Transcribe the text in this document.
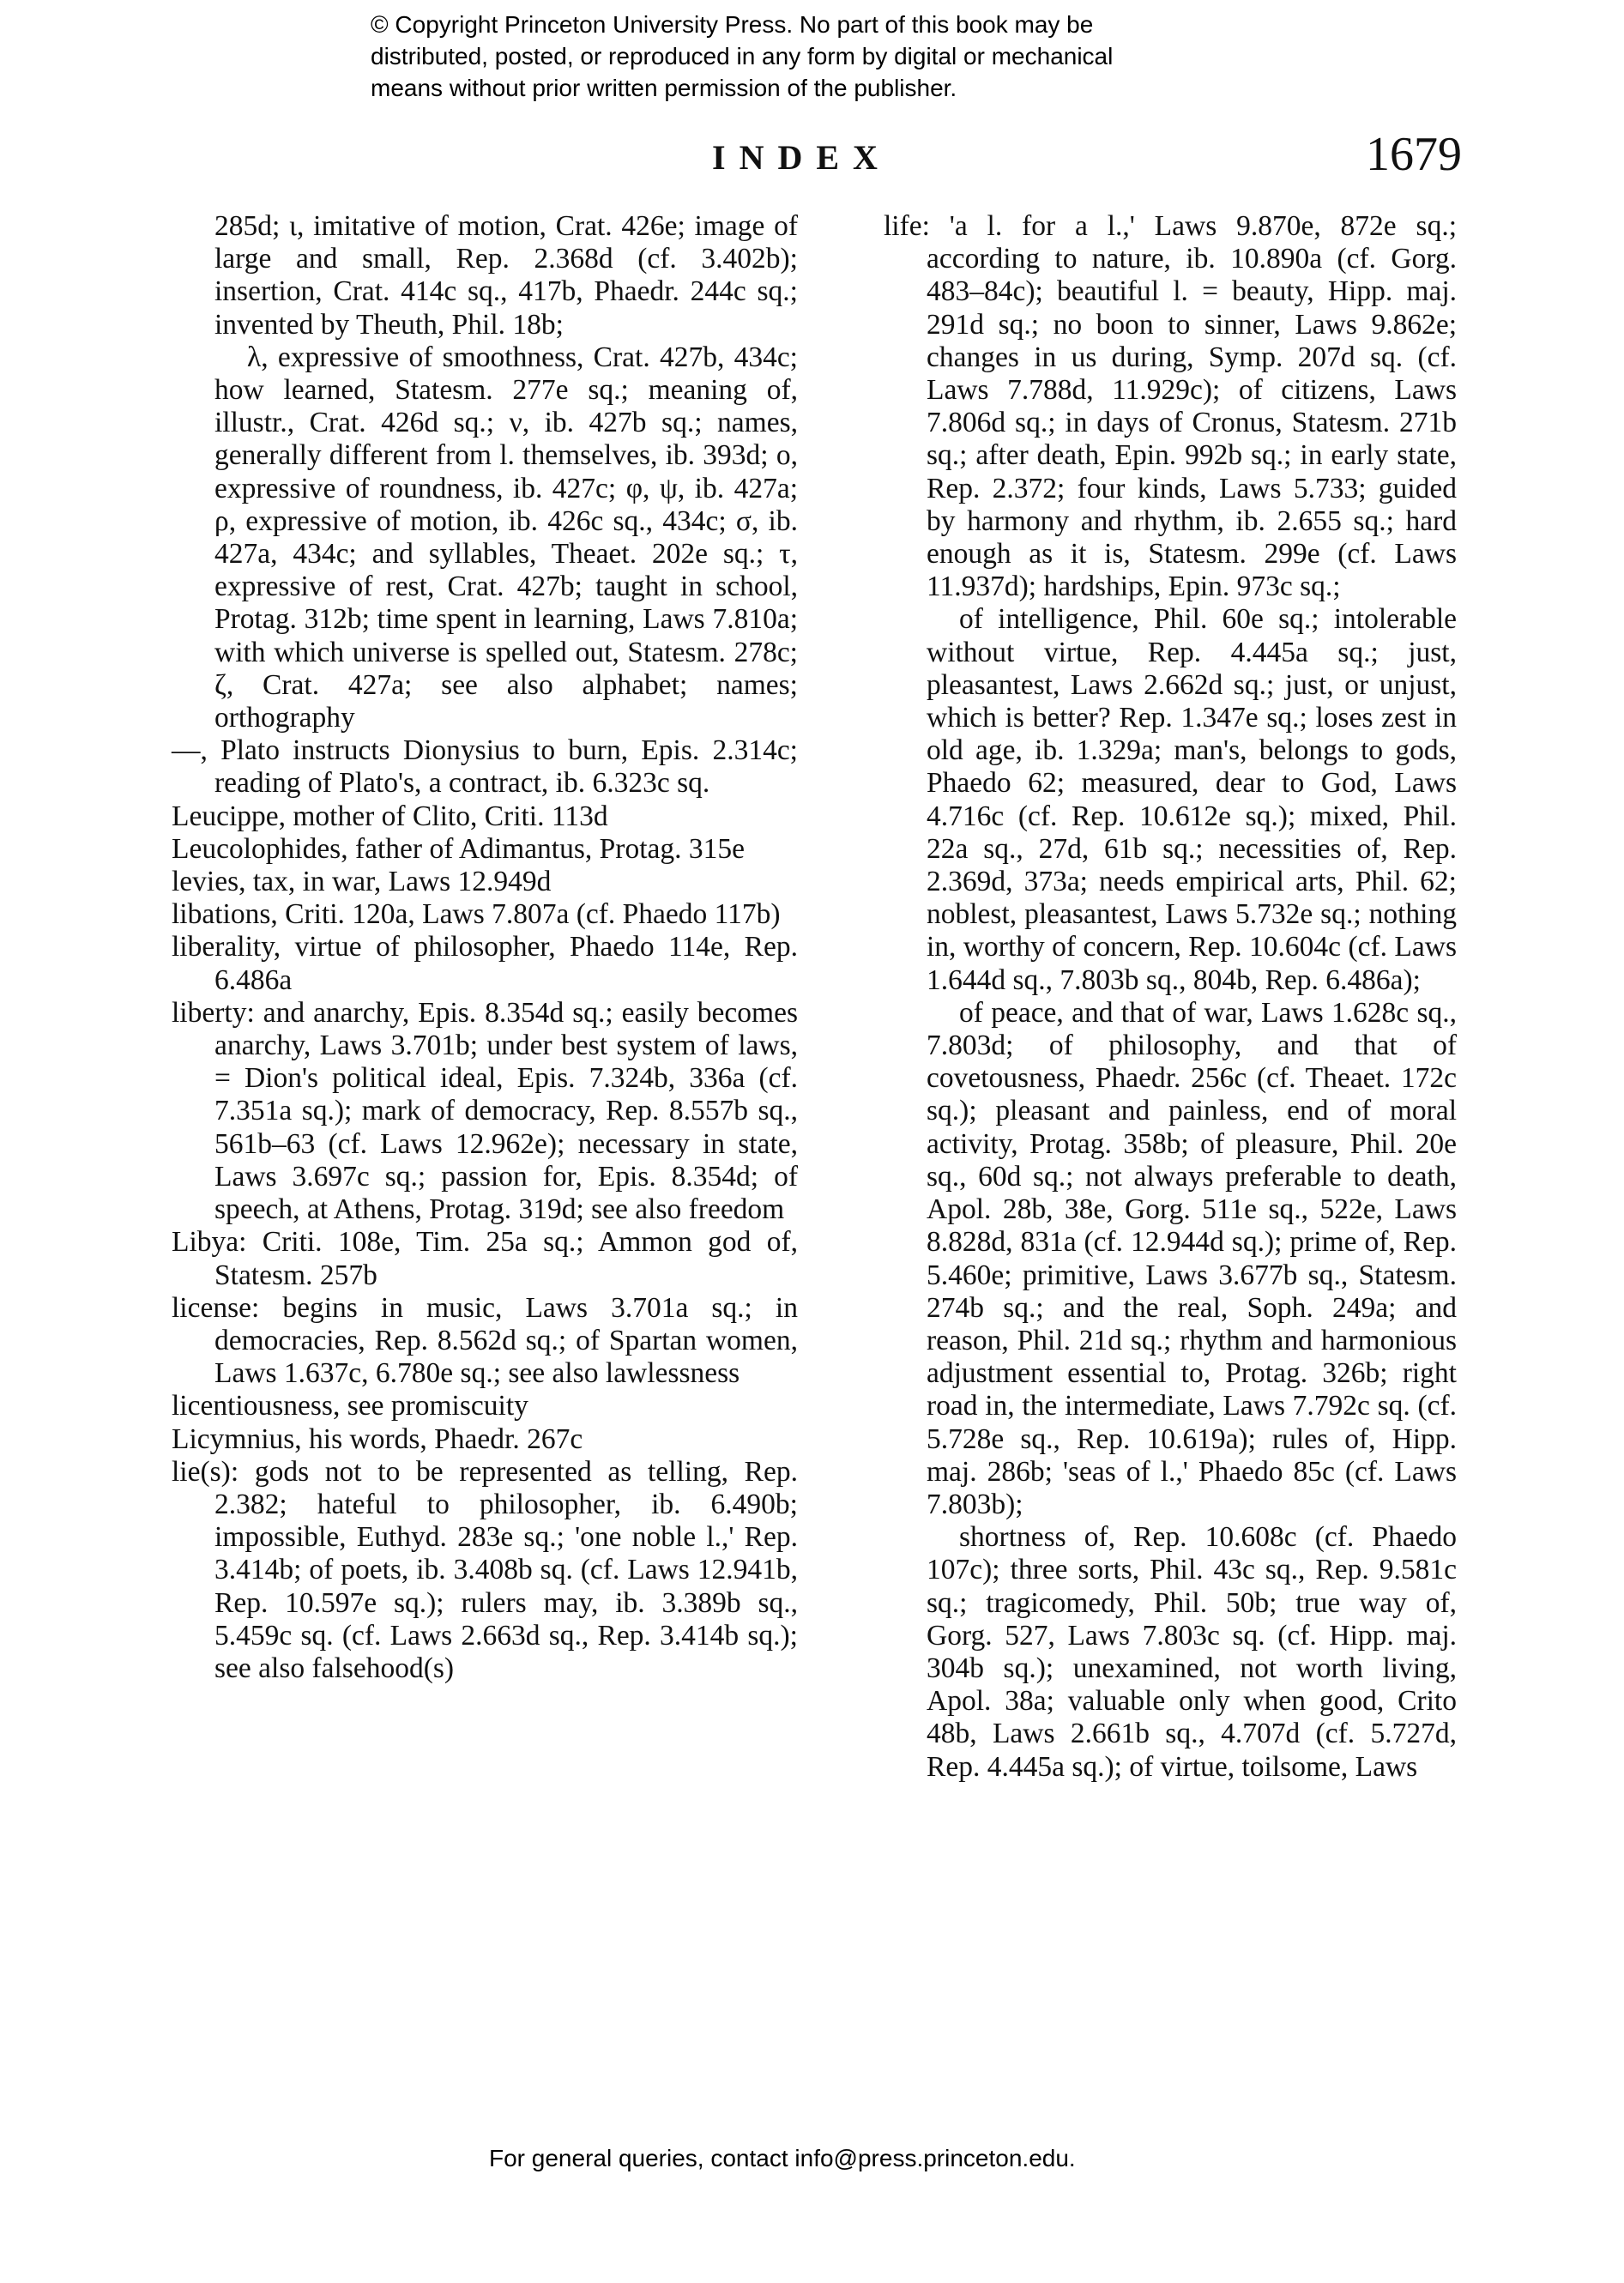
© Copyright Princeton University Press. No part of this book may be
distributed, posted, or reproduced in any form by digital or mechanical
means without prior written permission of the publisher.
INDEX	1679

285d; ι, imitative of motion, Crat. 426e; image of large and small, Rep. 2.368d (cf. 3.402b); insertion, Crat. 414c sq., 417b, Phaedr. 244c sq.; invented by Theuth, Phil. 18b;

λ, expressive of smoothness, Crat. 427b, 434c; how learned, Statesm. 277e sq.; meaning of, illustr., Crat. 426d sq.; ν, ib. 427b sq.; names, generally different from l. themselves, ib. 393d; ο, expressive of roundness, ib. 427c; φ, ψ, ib. 427a; ρ, expressive of motion, ib. 426c sq., 434c; σ, ib. 427a, 434c; and syllables, Theaet. 202e sq.; τ, expressive of rest, Crat. 427b; taught in school, Protag. 312b; time spent in learning, Laws 7.810a; with which universe is spelled out, Statesm. 278c; ζ, Crat. 427a; see also alphabet; names; orthography

—, Plato instructs Dionysius to burn, Epis. 2.314c; reading of Plato's, a contract, ib. 6.323c sq.

Leucippe, mother of Clito, Criti. 113d

Leucolophides, father of Adimantus, Protag. 315e

levies, tax, in war, Laws 12.949d

libations, Criti. 120a, Laws 7.807a (cf. Phaedo 117b)

liberality, virtue of philosopher, Phaedo 114e, Rep. 6.486a

liberty: and anarchy, Epis. 8.354d sq.; easily becomes anarchy, Laws 3.701b; under best system of laws, = Dion's political ideal, Epis. 7.324b, 336a (cf. 7.351a sq.); mark of democracy, Rep. 8.557b sq., 561b–63 (cf. Laws 12.962e); necessary in state, Laws 3.697c sq.; passion for, Epis. 8.354d; of speech, at Athens, Protag. 319d; see also freedom

Libya: Criti. 108e, Tim. 25a sq.; Ammon god of, Statesm. 257b

license: begins in music, Laws 3.701a sq.; in democracies, Rep. 8.562d sq.; of Spartan women, Laws 1.637c, 6.780e sq.; see also lawlessness

licentiousness, see promiscuity

Licymnius, his words, Phaedr. 267c

lie(s): gods not to be represented as telling, Rep. 2.382; hateful to philosopher, ib. 6.490b; impossible, Euthyd. 283e sq.; 'one noble l.,' Rep. 3.414b; of poets, ib. 3.408b sq. (cf. Laws 12.941b, Rep. 10.597e sq.); rulers may, ib. 3.389b sq., 5.459c sq. (cf. Laws 2.663d sq., Rep. 3.414b sq.); see also falsehood(s)

life: 'a l. for a l.,' Laws 9.870e, 872e sq.; according to nature, ib. 10.890a (cf. Gorg. 483–84c); beautiful l. = beauty, Hipp. maj. 291d sq.; no boon to sinner, Laws 9.862e; changes in us during, Symp. 207d sq. (cf. Laws 7.788d, 11.929c); of citizens, Laws 7.806d sq.; in days of Cronus, Statesm. 271b sq.; after death, Epin. 992b sq.; in early state, Rep. 2.372; four kinds, Laws 5.733; guided by harmony and rhythm, ib. 2.655 sq.; hard enough as it is, Statesm. 299e (cf. Laws 11.937d); hardships, Epin. 973c sq.;

of intelligence, Phil. 60e sq.; intolerable without virtue, Rep. 4.445a sq.; just, pleasantest, Laws 2.662d sq.; just, or unjust, which is better? Rep. 1.347e sq.; loses zest in old age, ib. 1.329a; man's, belongs to gods, Phaedo 62; measured, dear to God, Laws 4.716c (cf. Rep. 10.612e sq.); mixed, Phil. 22a sq., 27d, 61b sq.; necessities of, Rep. 2.369d, 373a; needs empirical arts, Phil. 62; noblest, pleasantest, Laws 5.732e sq.; nothing in, worthy of concern, Rep. 10.604c (cf. Laws 1.644d sq., 7.803b sq., 804b, Rep. 6.486a);

of peace, and that of war, Laws 1.628c sq., 7.803d; of philosophy, and that of covetousness, Phaedr. 256c (cf. Theaet. 172c sq.); pleasant and painless, end of moral activity, Protag. 358b; of pleasure, Phil. 20e sq., 60d sq.; not always preferable to death, Apol. 28b, 38e, Gorg. 511e sq., 522e, Laws 8.828d, 831a (cf. 12.944d sq.); prime of, Rep. 5.460e; primitive, Laws 3.677b sq., Statesm. 274b sq.; and the real, Soph. 249a; and reason, Phil. 21d sq.; rhythm and harmonious adjustment essential to, Protag. 326b; right road in, the intermediate, Laws 7.792c sq. (cf. 5.728e sq., Rep. 10.619a); rules of, Hipp. maj. 286b; 'seas of l.,' Phaedo 85c (cf. Laws 7.803b);

shortness of, Rep. 10.608c (cf. Phaedo 107c); three sorts, Phil. 43c sq., Rep. 9.581c sq.; tragicomedy, Phil. 50b; true way of, Gorg. 527, Laws 7.803c sq. (cf. Hipp. maj. 304b sq.); unexamined, not worth living, Apol. 38a; valuable only when good, Crito 48b, Laws 2.661b sq., 4.707d (cf. 5.727d, Rep. 4.445a sq.); of virtue, toilsome, Laws

For general queries, contact info@press.princeton.edu.
